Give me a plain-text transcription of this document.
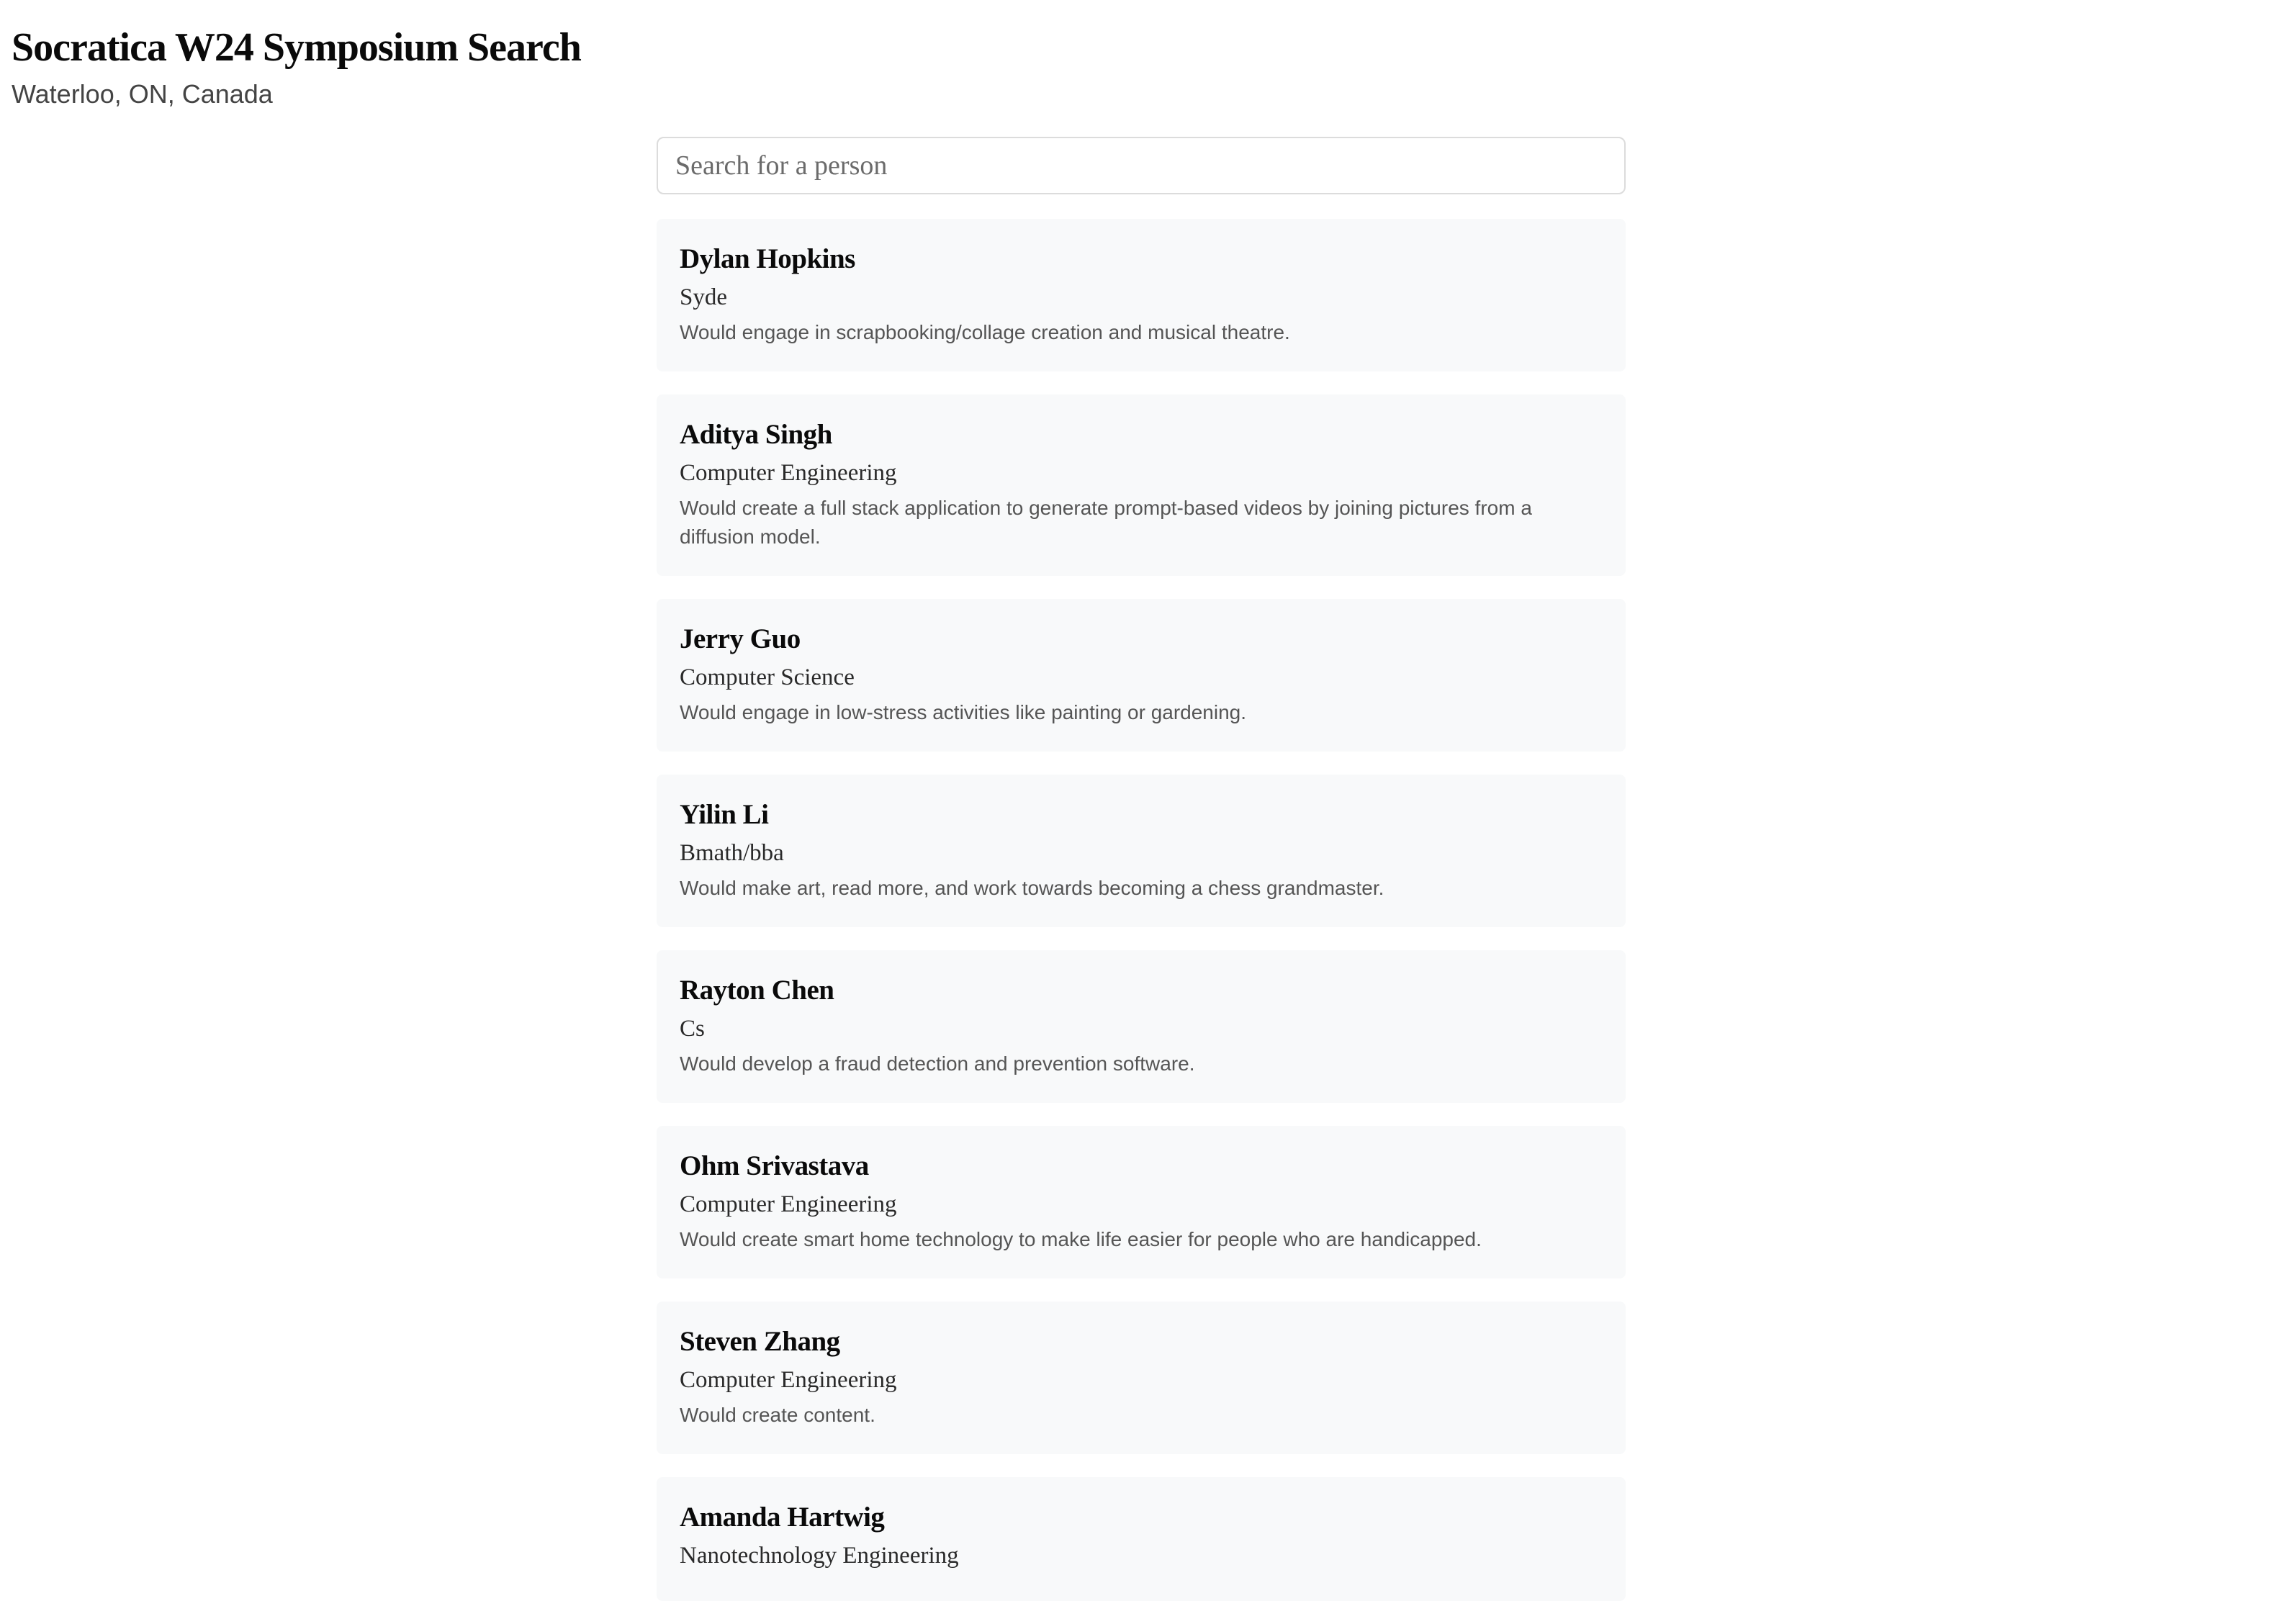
Socratica W24 Symposium Search
Waterloo, ON, Canada
Search for a person
Dylan Hopkins
Syde
Would engage in scrapbooking/collage creation and musical theatre.
Aditya Singh
Computer Engineering
Would create a full stack application to generate prompt-based videos by joining pictures from a diffusion model.
Jerry Guo
Computer Science
Would engage in low-stress activities like painting or gardening.
Yilin Li
Bmath/bba
Would make art, read more, and work towards becoming a chess grandmaster.
Rayton Chen
Cs
Would develop a fraud detection and prevention software.
Ohm Srivastava
Computer Engineering
Would create smart home technology to make life easier for people who are handicapped.
Steven Zhang
Computer Engineering
Would create content.
Amanda Hartwig
Nanotechnology Engineering
